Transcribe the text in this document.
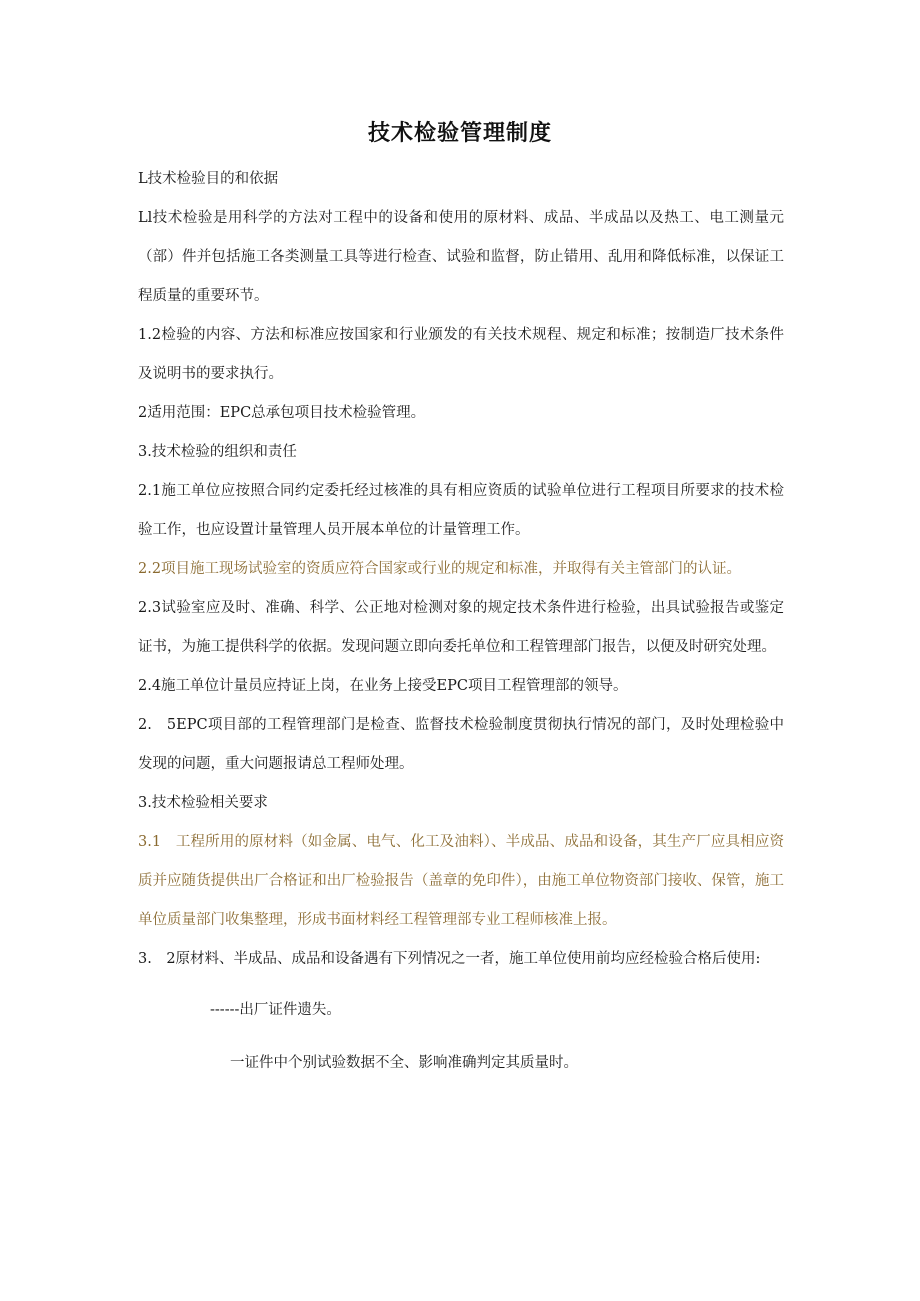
技术检验管理制度

L技术检验目的和依据

Ll技术检验是用科学的方法对工程中的设备和使用的原材料、成品、半成品以及热工、电工测量元（部）件并包括施工各类测量工具等进行检查、试验和监督，防止错用、乱用和降低标准，以保证工程质量的重要环节。

1.2检验的内容、方法和标准应按国家和行业颁发的有关技术规程、规定和标准；按制造厂技术条件及说明书的要求执行。

2适用范围：EPC总承包项目技术检验管理。

3.技术检验的组织和责任

2.1施工单位应按照合同约定委托经过核准的具有相应资质的试验单位进行工程项目所要求的技术检验工作，也应设置计量管理人员开展本单位的计量管理工作。

2.2项目施工现场试验室的资质应符合国家或行业的规定和标准，并取得有关主管部门的认证。

2.3试验室应及时、准确、科学、公正地对检测对象的规定技术条件进行检验，出具试验报告或鉴定证书，为施工提供科学的依据。发现问题立即向委托单位和工程管理部门报告，以便及时研究处理。

2.4施工单位计量员应持证上岗，在业务上接受EPC项目工程管理部的领导。

2.　5EPC项目部的工程管理部门是检查、监督技术检验制度贯彻执行情况的部门，及时处理检验中发现的问题，重大问题报请总工程师处理。

3.技术检验相关要求

3.1　工程所用的原材料（如金属、电气、化工及油料）、半成品、成品和设备，其生产厂应具相应资质并应随货提供出厂合格证和出厂检验报告（盖章的免印件），由施工单位物资部门接收、保管，施工单位质量部门收集整理，形成书面材料经工程管理部专业工程师核准上报。

3.　2原材料、半成品、成品和设备遇有下列情况之一者，施工单位使用前均应经检验合格后使用:

------出厂证件遗失。

一证件中个别试验数据不全、影响准确判定其质量时。
